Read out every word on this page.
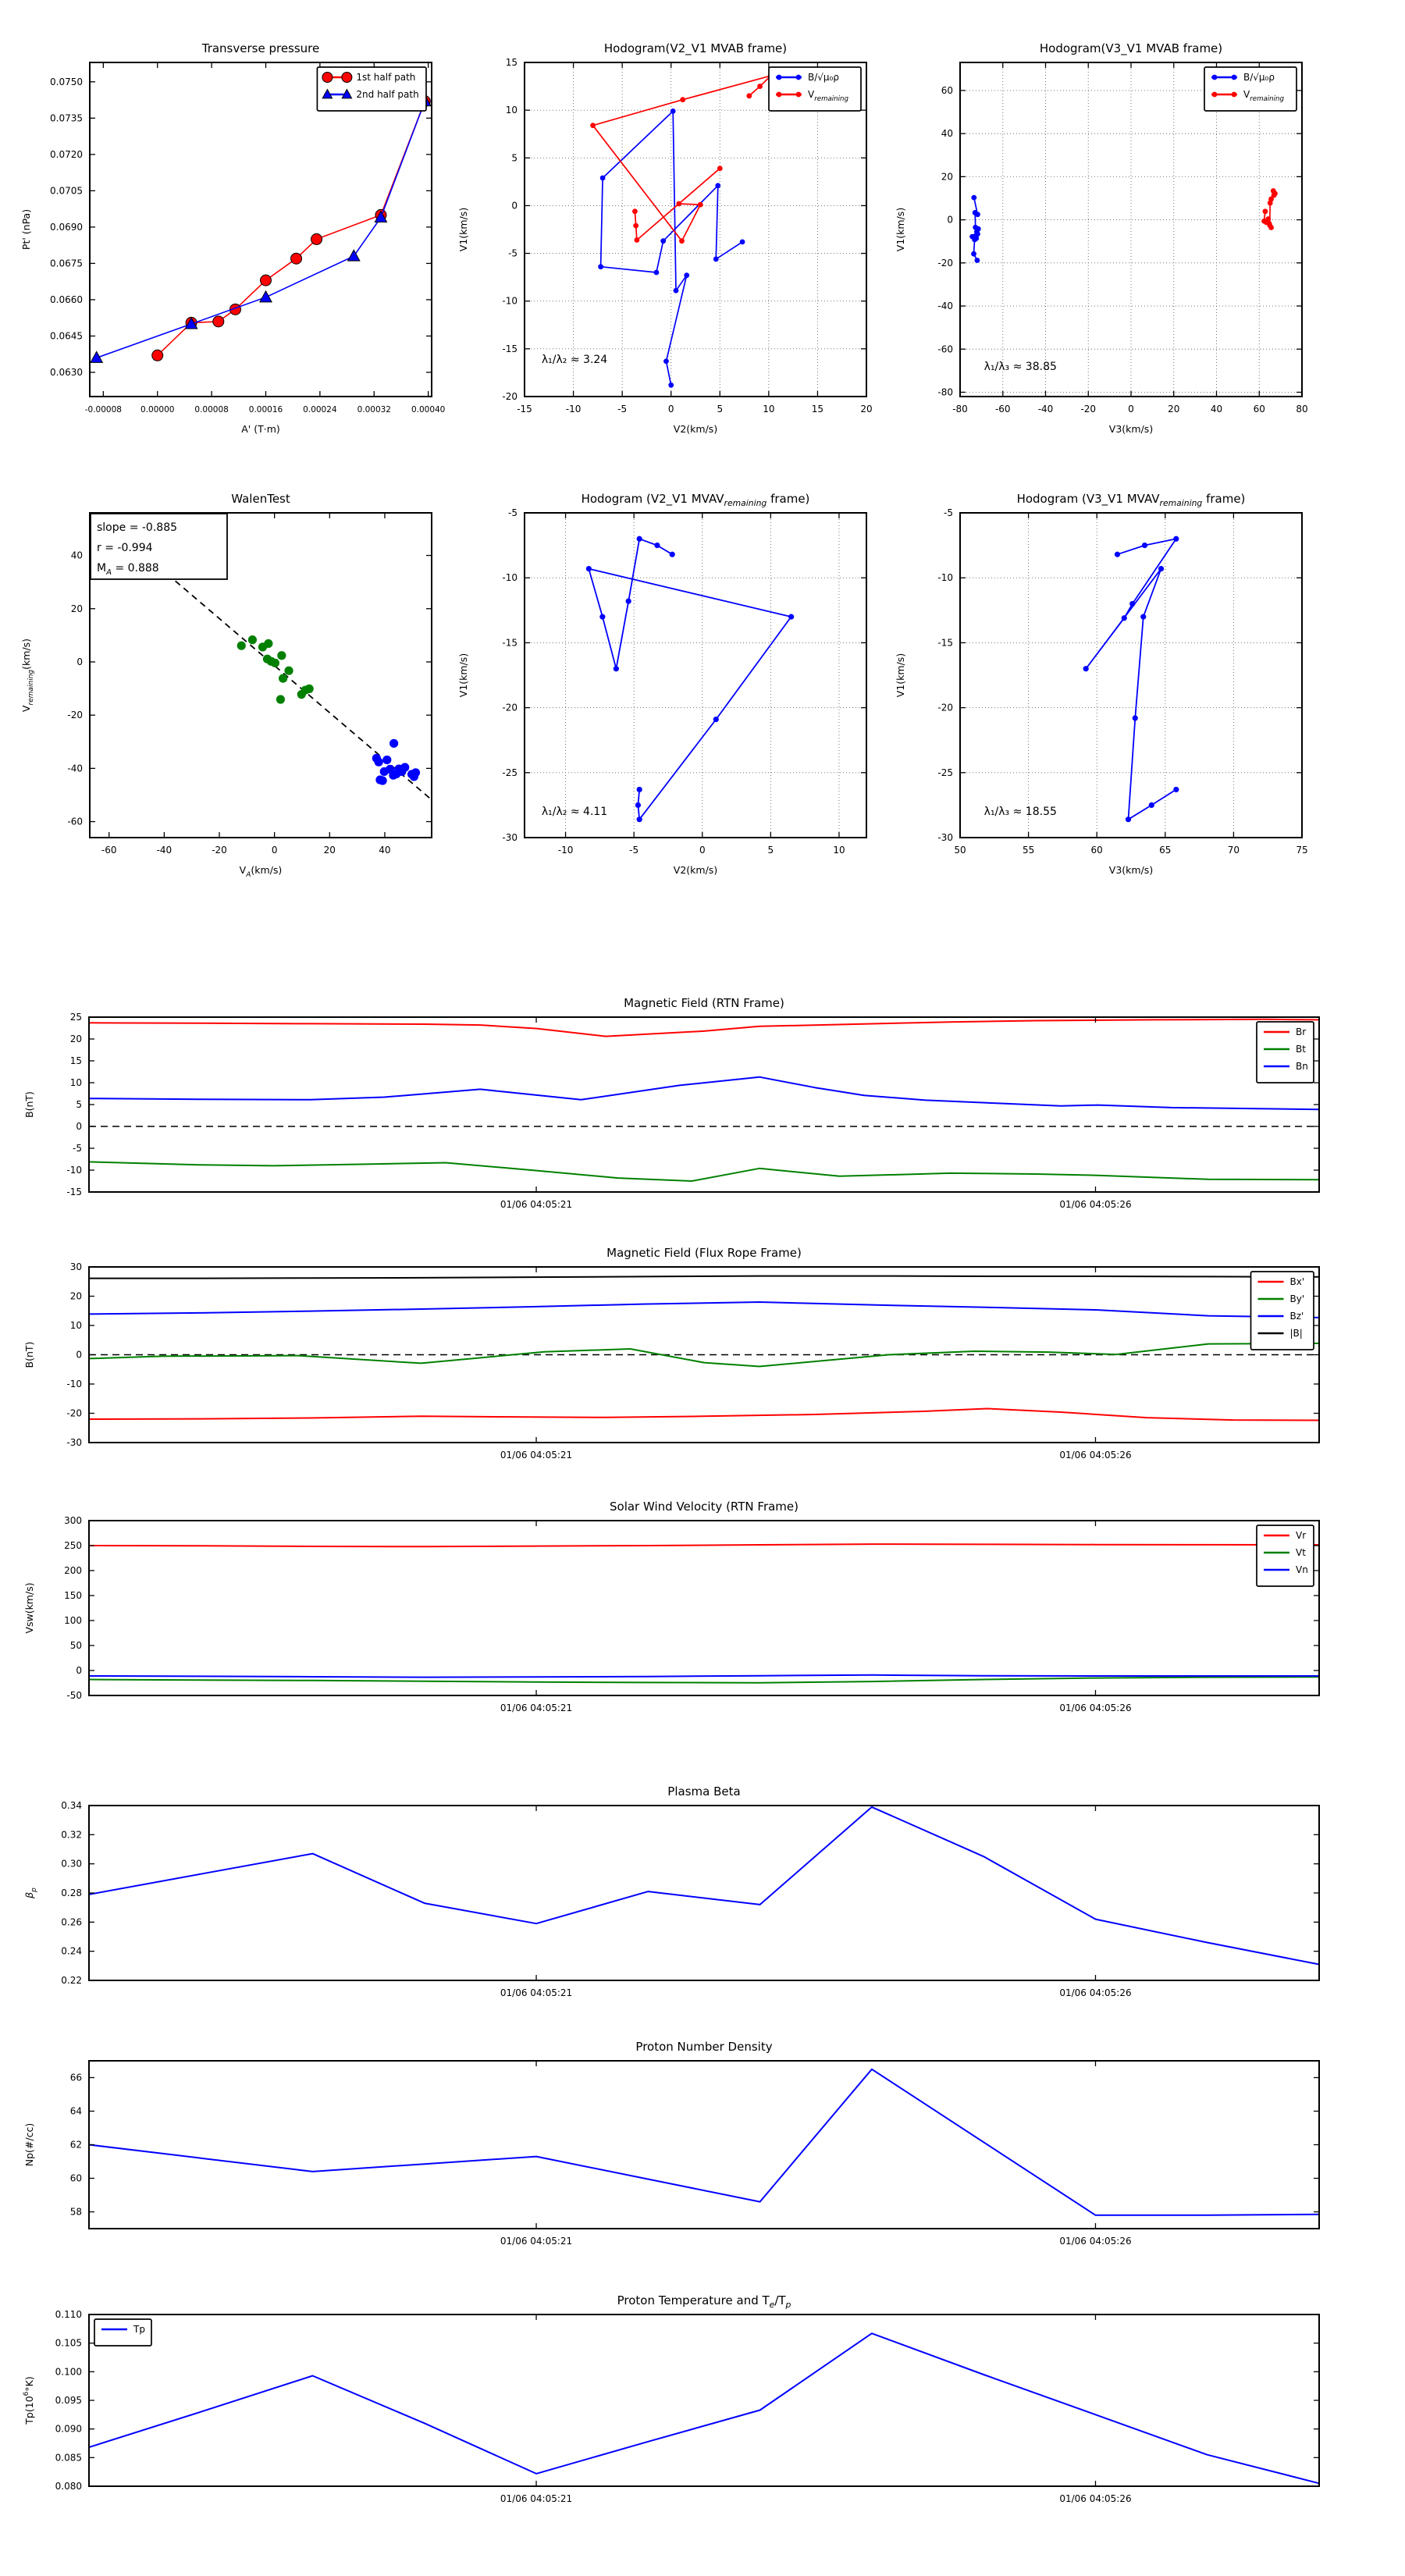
-0.00008 0.00000 0.00008 0.00016 0.00024 0.00032 0.00040
0.0630
0.0645
0.0660
0.0675
0.0690
0.0705
0.0720
0.0735
0.0750
Transverse pressure
A' (T·m)
Pt' (nPa)
1st half path
2nd half path
-15	-10	-5	0	5	10	15	20
-20
-15
-10
-5
0
5
10
15
Hodogram(V2_V1 MVAB frame)
V2(km/s)
V1(km/s)
λ₁/λ₂ ≈ 3.24
B/√μ₀ρ
$V_{remaining}$
-80	-60	-40	-20	0	20	40	60	80
-80
-60
-40
-20
0
20
40
60
Hodogram(V3_V1 MVAB frame)
V3(km/s)
V1(km/s)
λ₁/λ₃ ≈ 38.85
B/√μ₀ρ
$V_{remaining}$
-60	-40	-20	0	20	40
-60
-40
-20
0
20
40
WalenTest
$V_A(km/s)$
$V_{remaining}(km/s)$
slope = -0.885
r = -0.994
$M_A = 0.888$
-10	-5	0	5	10
-30
-25
-20
-15
-10
-5
Hodogram (V2_V1 $MVAV_{remaining}$ frame)
V2(km/s)
V1(km/s)
λ₁/λ₂ ≈ 4.11
50	55	60	65	70	75
-30
-25
-20
-15
-10
-5
Hodogram (V3_V1 $MVAV_{remaining}$ frame)
V3(km/s)
V1(km/s)
λ₁/λ₃ ≈ 18.55
01/06 04:05:21	01/06 04:05:26
-15
-10
-5
0
5
10
15
20
25
Magnetic Field (RTN Frame)
B(nT)
Br
Bt
Bn
01/06 04:05:21	01/06 04:05:26
-30
-20
-10
0
10
20
30
Magnetic Field (Flux Rope Frame)
B(nT)
Bx'
By'
Bz'
|B|
01/06 04:05:21	01/06 04:05:26
-50
0
50
100
150
200
250
300
Solar Wind Velocity (RTN Frame)
Vsw(km/s)
Vr
Vt
Vn
01/06 04:05:21	01/06 04:05:26
0.22
0.24
0.26
0.28
0.30
0.32
0.34
Plasma Beta
$\beta_p$
01/06 04:05:21	01/06 04:05:26
58
60
62
64
66
Proton Number Density
Np(#/cc)
01/06 04:05:21	01/06 04:05:26
0.080
0.085
0.090
0.095
0.100
0.105
0.110
Proton Temperature and $T_e/T_p$
$Tp(10^6^\circ K)$
Tp
